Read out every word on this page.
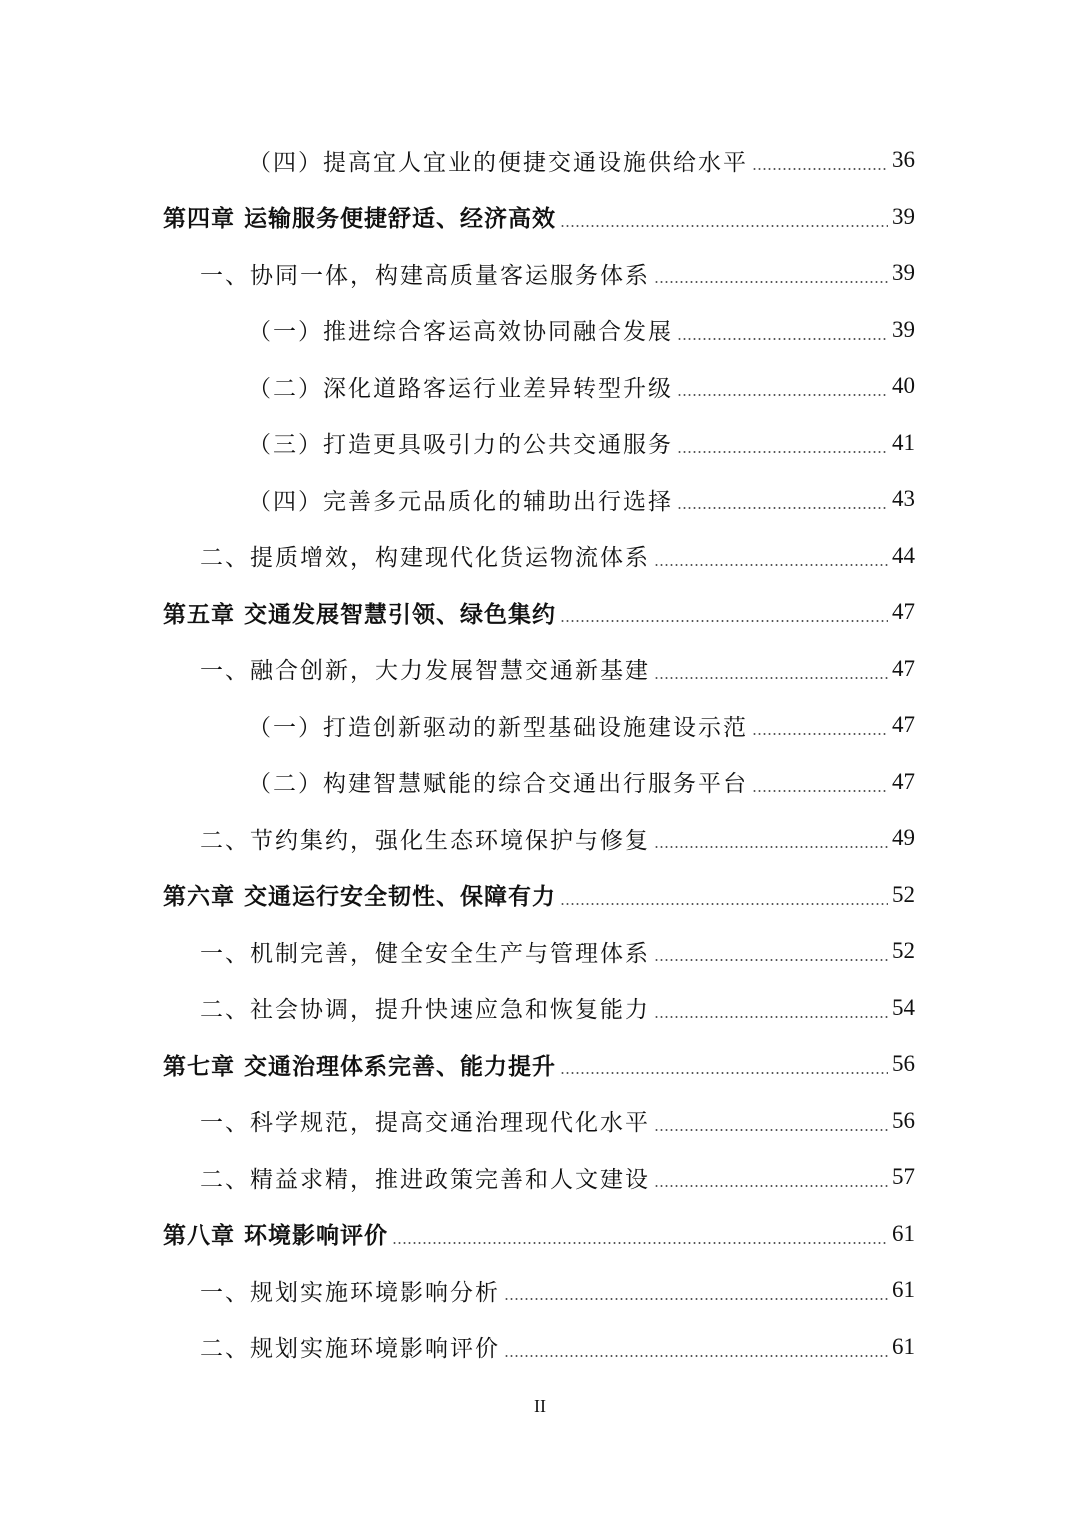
（四）提高宜人宜业的便捷交通设施供给水平	36
第四章 运输服务便捷舒适、经济高效	39
一、协同一体，构建高质量客运服务体系	39
（一）推进综合客运高效协同融合发展	39
（二）深化道路客运行业差异转型升级	40
（三）打造更具吸引力的公共交通服务	41
（四）完善多元品质化的辅助出行选择	43
二、提质增效，构建现代化货运物流体系	44
第五章 交通发展智慧引领、绿色集约	47
一、融合创新，大力发展智慧交通新基建	47
（一）打造创新驱动的新型基础设施建设示范	47
（二）构建智慧赋能的综合交通出行服务平台	47
二、节约集约，强化生态环境保护与修复	49
第六章 交通运行安全韧性、保障有力	52
一、机制完善，健全安全生产与管理体系	52
二、社会协调，提升快速应急和恢复能力	54
第七章 交通治理体系完善、能力提升	56
一、科学规范，提高交通治理现代化水平	56
二、精益求精，推进政策完善和人文建设	57
第八章 环境影响评价	61
一、规划实施环境影响分析	61
二、规划实施环境影响评价	61
II
